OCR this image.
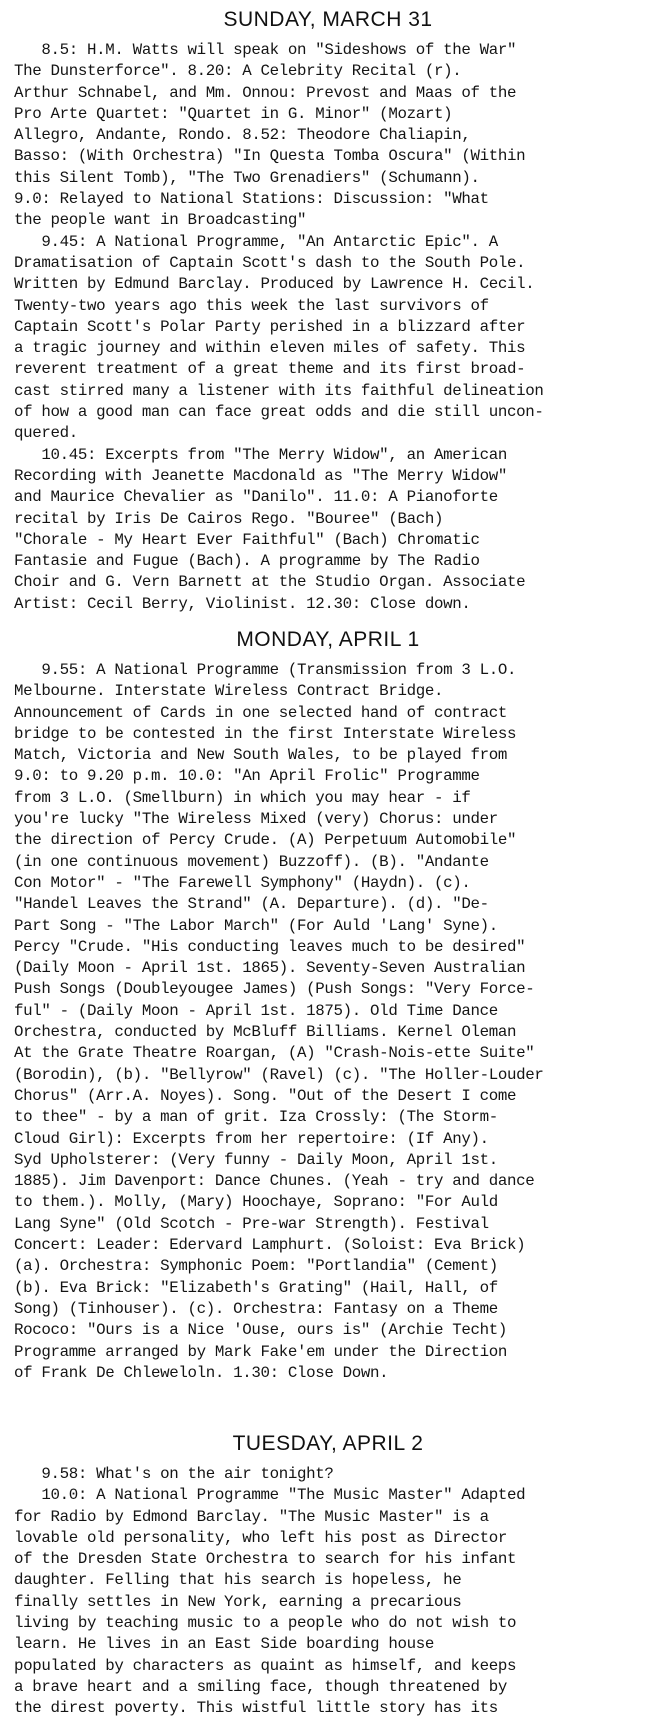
SUNDAY, MARCH 31
8.5: H.M. Watts will speak on "Sideshows of the War"
The Dunsterforce". 8.20: A Celebrity Recital (r).
Arthur Schnabel, and Mm. Onnou: Prevost and Maas of the
Pro Arte Quartet: "Quartet in G. Minor" (Mozart)
Allegro, Andante, Rondo. 8.52: Theodore Chaliapin,
Basso: (With Orchestra) "In Questa Tomba Oscura" (Within
this Silent Tomb), "The Two Grenadiers" (Schumann).
9.0: Relayed to National Stations: Discussion: "What
the people want in Broadcasting"
9.45: A National Programme, "An Antarctic Epic". A
Dramatisation of Captain Scott's dash to the South Pole.
Written by Edmund Barclay. Produced by Lawrence H. Cecil.
Twenty-two years ago this week the last survivors of
Captain Scott's Polar Party perished in a blizzard after
a tragic journey and within eleven miles of safety. This
reverent treatment of a great theme and its first broad-
cast stirred many a listener with its faithful delineation
of how a good man can face great odds and die still uncon-
quered.
10.45: Excerpts from "The Merry Widow", an American
Recording with Jeanette Macdonald as "The Merry Widow"
and Maurice Chevalier as "Danilo". 11.0: A Pianoforte
recital by Iris De Cairos Rego. "Bouree" (Bach)
"Chorale - My Heart Ever Faithful" (Bach) Chromatic
Fantasie and Fugue (Bach). A programme by The Radio
Choir and G. Vern Barnett at the Studio Organ. Associate
Artist: Cecil Berry, Violinist. 12.30: Close down.
MONDAY, APRIL 1
9.55: A National Programme (Transmission from 3 L.O.
Melbourne. Interstate Wireless Contract Bridge.
Announcement of Cards in one selected hand of contract
bridge to be contested in the first Interstate Wireless
Match, Victoria and New South Wales, to be played from
9.0: to 9.20 p.m. 10.0: "An April Frolic" Programme
from 3 L.O. (Smellburn) in which you may hear - if
you're lucky "The Wireless Mixed (very) Chorus: under
the direction of Percy Crude. (A) Perpetuum Automobile"
(in one continuous movement) Buzzoff). (B). "Andante
Con Motor" - "The Farewell Symphony" (Haydn). (c).
"Handel Leaves the Strand" (A. Departure). (d). "De-
Part Song - "The Labor March" (For Auld 'Lang' Syne).
Percy "Crude. "His conducting leaves much to be desired"
(Daily Moon - April 1st. 1865). Seventy-Seven Australian
Push Songs (Doubleyougee James) (Push Songs: "Very Force-
ful" - (Daily Moon - April 1st. 1875). Old Time Dance
Orchestra, conducted by McBluff Billiams. Kernel Oleman
At the Grate Theatre Roargan, (A) "Crash-Nois-ette Suite"
(Borodin), (b). "Bellyrow" (Ravel) (c). "The Holler-Louder
Chorus" (Arr.A. Noyes). Song. "Out of the Desert I come
to thee" - by a man of grit. Iza Crossly: (The Storm-
Cloud Girl): Excerpts from her repertoire: (If Any).
Syd Upholsterer: (Very funny - Daily Moon, April 1st.
1885). Jim Davenport: Dance Chunes. (Yeah - try and dance
to them.). Molly, (Mary) Hoochaye, Soprano: "For Auld
Lang Syne" (Old Scotch - Pre-war Strength). Festival
Concert: Leader: Edervard Lamphurt. (Soloist: Eva Brick)
(a). Orchestra: Symphonic Poem: "Portlandia" (Cement)
(b). Eva Brick: "Elizabeth's Grating" (Hail, Hall, of
Song) (Tinhouser). (c). Orchestra: Fantasy on a Theme
Rococo: "Ours is a Nice 'Ouse, ours is" (Archie Techt)
Programme arranged by Mark Fake'em under the Direction
of Frank De Chleweloln. 1.30: Close Down.
TUESDAY, APRIL 2
9.58: What's on the air tonight?
10.0: A National Programme "The Music Master" Adapted
for Radio by Edmond Barclay. "The Music Master" is a
lovable old personality, who left his post as Director
of the Dresden State Orchestra to search for his infant
daughter. Felling that his search is hopeless, he
finally settles in New York, earning a precarious
living by teaching music to a people who do not wish to
learn. He lives in an East Side boarding house
populated by characters as quaint as himself, and keeps
a brave heart and a smiling face, though threatened by
the direst poverty. This wistful little story has its
